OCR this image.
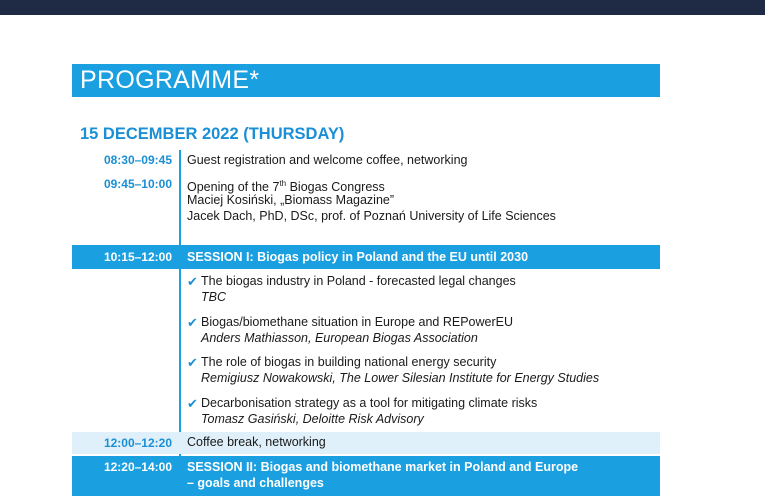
PROGRAMME*
15 DECEMBER 2022 (THURSDAY)
08:30–09:45 Guest registration and welcome coffee, networking
09:45–10:00 Opening of the 7th Biogas Congress
Maciej Kosiński, „Biomass Magazine”
Jacek Dach, PhD, DSc, prof. of Poznań University of Life Sciences
10:15–12:00 SESSION I: Biogas policy in Poland and the EU until 2030
✔ The biogas industry in Poland - forecasted legal changes
TBC
✔ Biogas/biomethane situation in Europe and REPowerEU
Anders Mathiasson, European Biogas Association
✔ The role of biogas in building national energy security
Remigiusz Nowakowski, The Lower Silesian Institute for Energy Studies
✔ Decarbonisation strategy as a tool for mitigating climate risks
Tomasz Gasiński, Deloitte Risk Advisory
12:00–12:20 Coffee break, networking
12:20–14:00 SESSION II: Biogas and biomethane market in Poland and Europe
– goals and challenges
